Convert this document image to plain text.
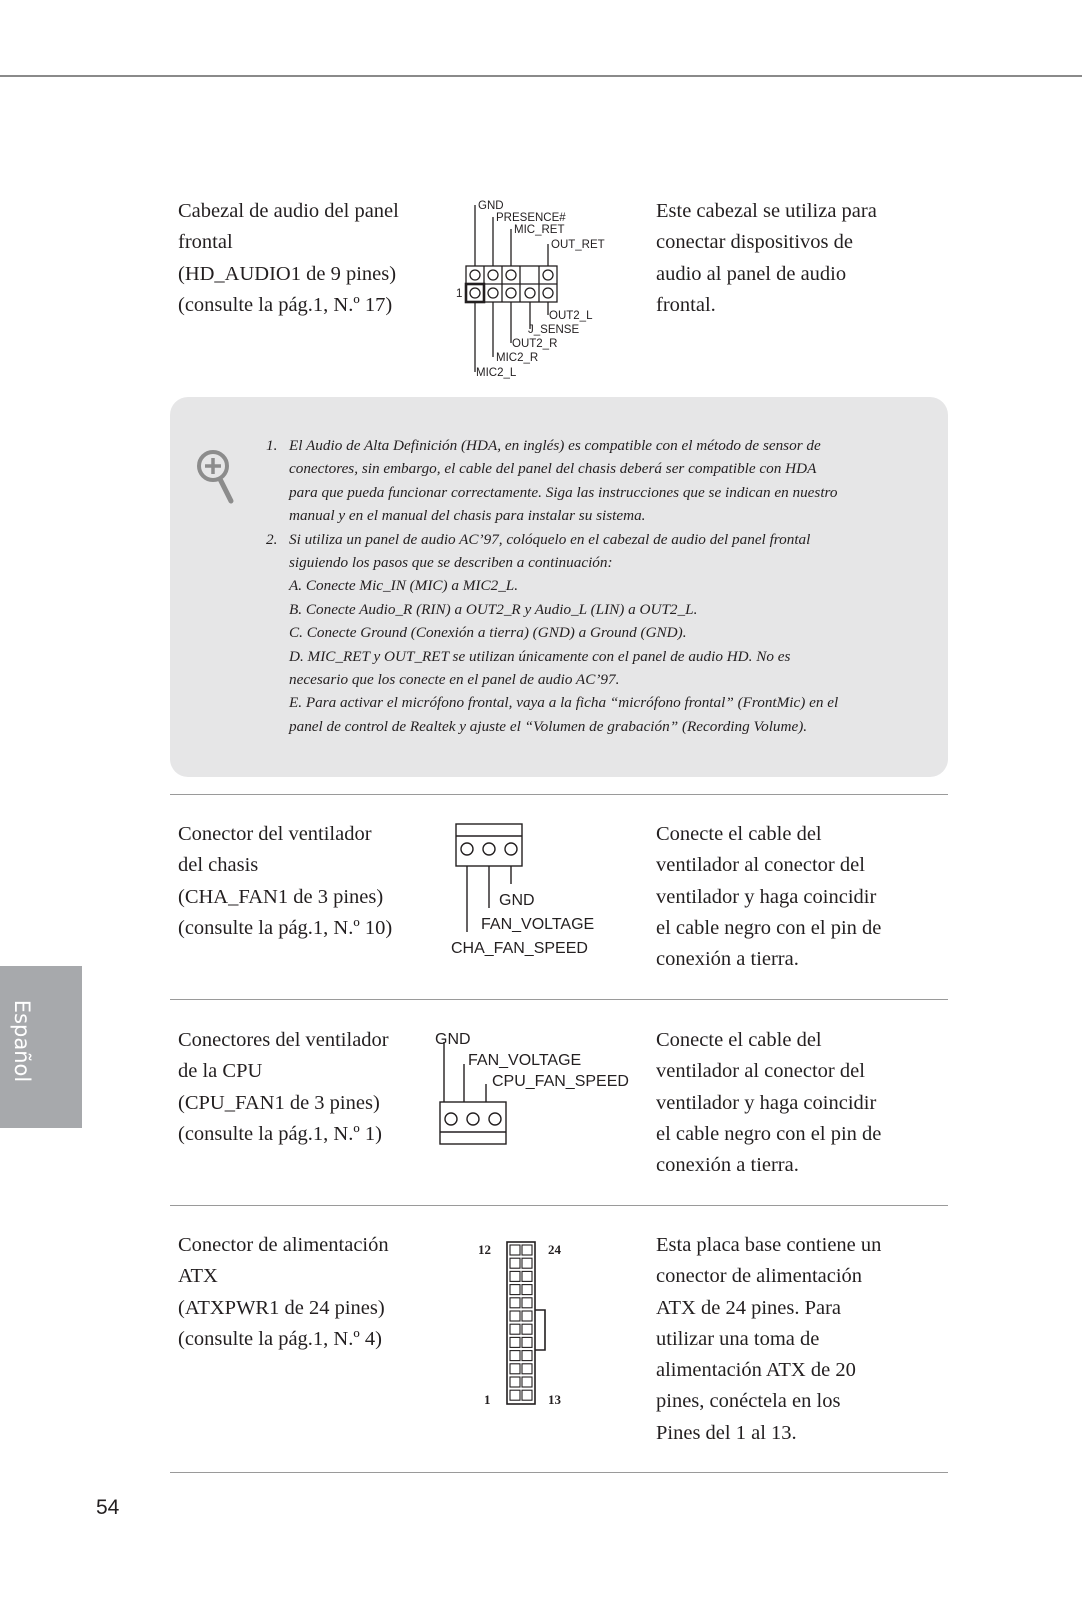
Cabezal de audio del panel
frontal
(HD_AUDIO1 de 9 pines)
(consulte la pág.1, N.º 17)
GND
PRESENCE#
MIC_RET
OUT_RET
1
OUT2_L
J_SENSE
OUT2_R
MIC2_R
MIC2_L
Este cabezal se utiliza para
conectar dispositivos de
audio al panel de audio
frontal.
1. El Audio de Alta Definición (HDA, en inglés) es compatible con el método de sensor de
conectores, sin embargo, el cable del panel del chasis deberá ser compatible con HDA
para que pueda funcionar correctamente. Siga las instrucciones que se indican en nuestro
manual y en el manual del chasis para instalar su sistema.
2. Si utiliza un panel de audio AC’97, colóquelo en el cabezal de audio del panel frontal
siguiendo los pasos que se describen a continuación:
A. Conecte Mic_IN (MIC) a MIC2_L.
B. Conecte Audio_R (RIN) a OUT2_R y Audio_L (LIN) a OUT2_L.
C. Conecte Ground (Conexión a tierra) (GND) a Ground (GND).
D. MIC_RET y OUT_RET se utilizan únicamente con el panel de audio HD. No es
necesario que los conecte en el panel de audio AC’97.
E. Para activar el micrófono frontal, vaya a la ficha “micrófono frontal” (FrontMic) en el
panel de control de Realtek y ajuste el “Volumen de grabación” (Recording Volume).
Conector del ventilador
del chasis
(CHA_FAN1 de 3 pines)
(consulte la pág.1, N.º 10)
GND
FAN_VOLTAGE
CHA_FAN_SPEED
Conecte el cable del
ventilador al conector del
ventilador y haga coincidir
el cable negro con el pin de
conexión a tierra.
Conectores del ventilador
de la CPU
(CPU_FAN1 de 3 pines)
(consulte la pág.1, N.º 1)
GND
FAN_VOLTAGE
CPU_FAN_SPEED
Conecte el cable del
ventilador al conector del
ventilador y haga coincidir
el cable negro con el pin de
conexión a tierra.
Conector de alimentación
ATX
(ATXPWR1 de 24 pines)
(consulte la pág.1, N.º 4)
12	24
1	13
Esta placa base contiene un
conector de alimentación
ATX de 24 pines. Para
utilizar una toma de
alimentación ATX de 20
pines, conéctela en los
Pines del 1 al 13.
Español
54
